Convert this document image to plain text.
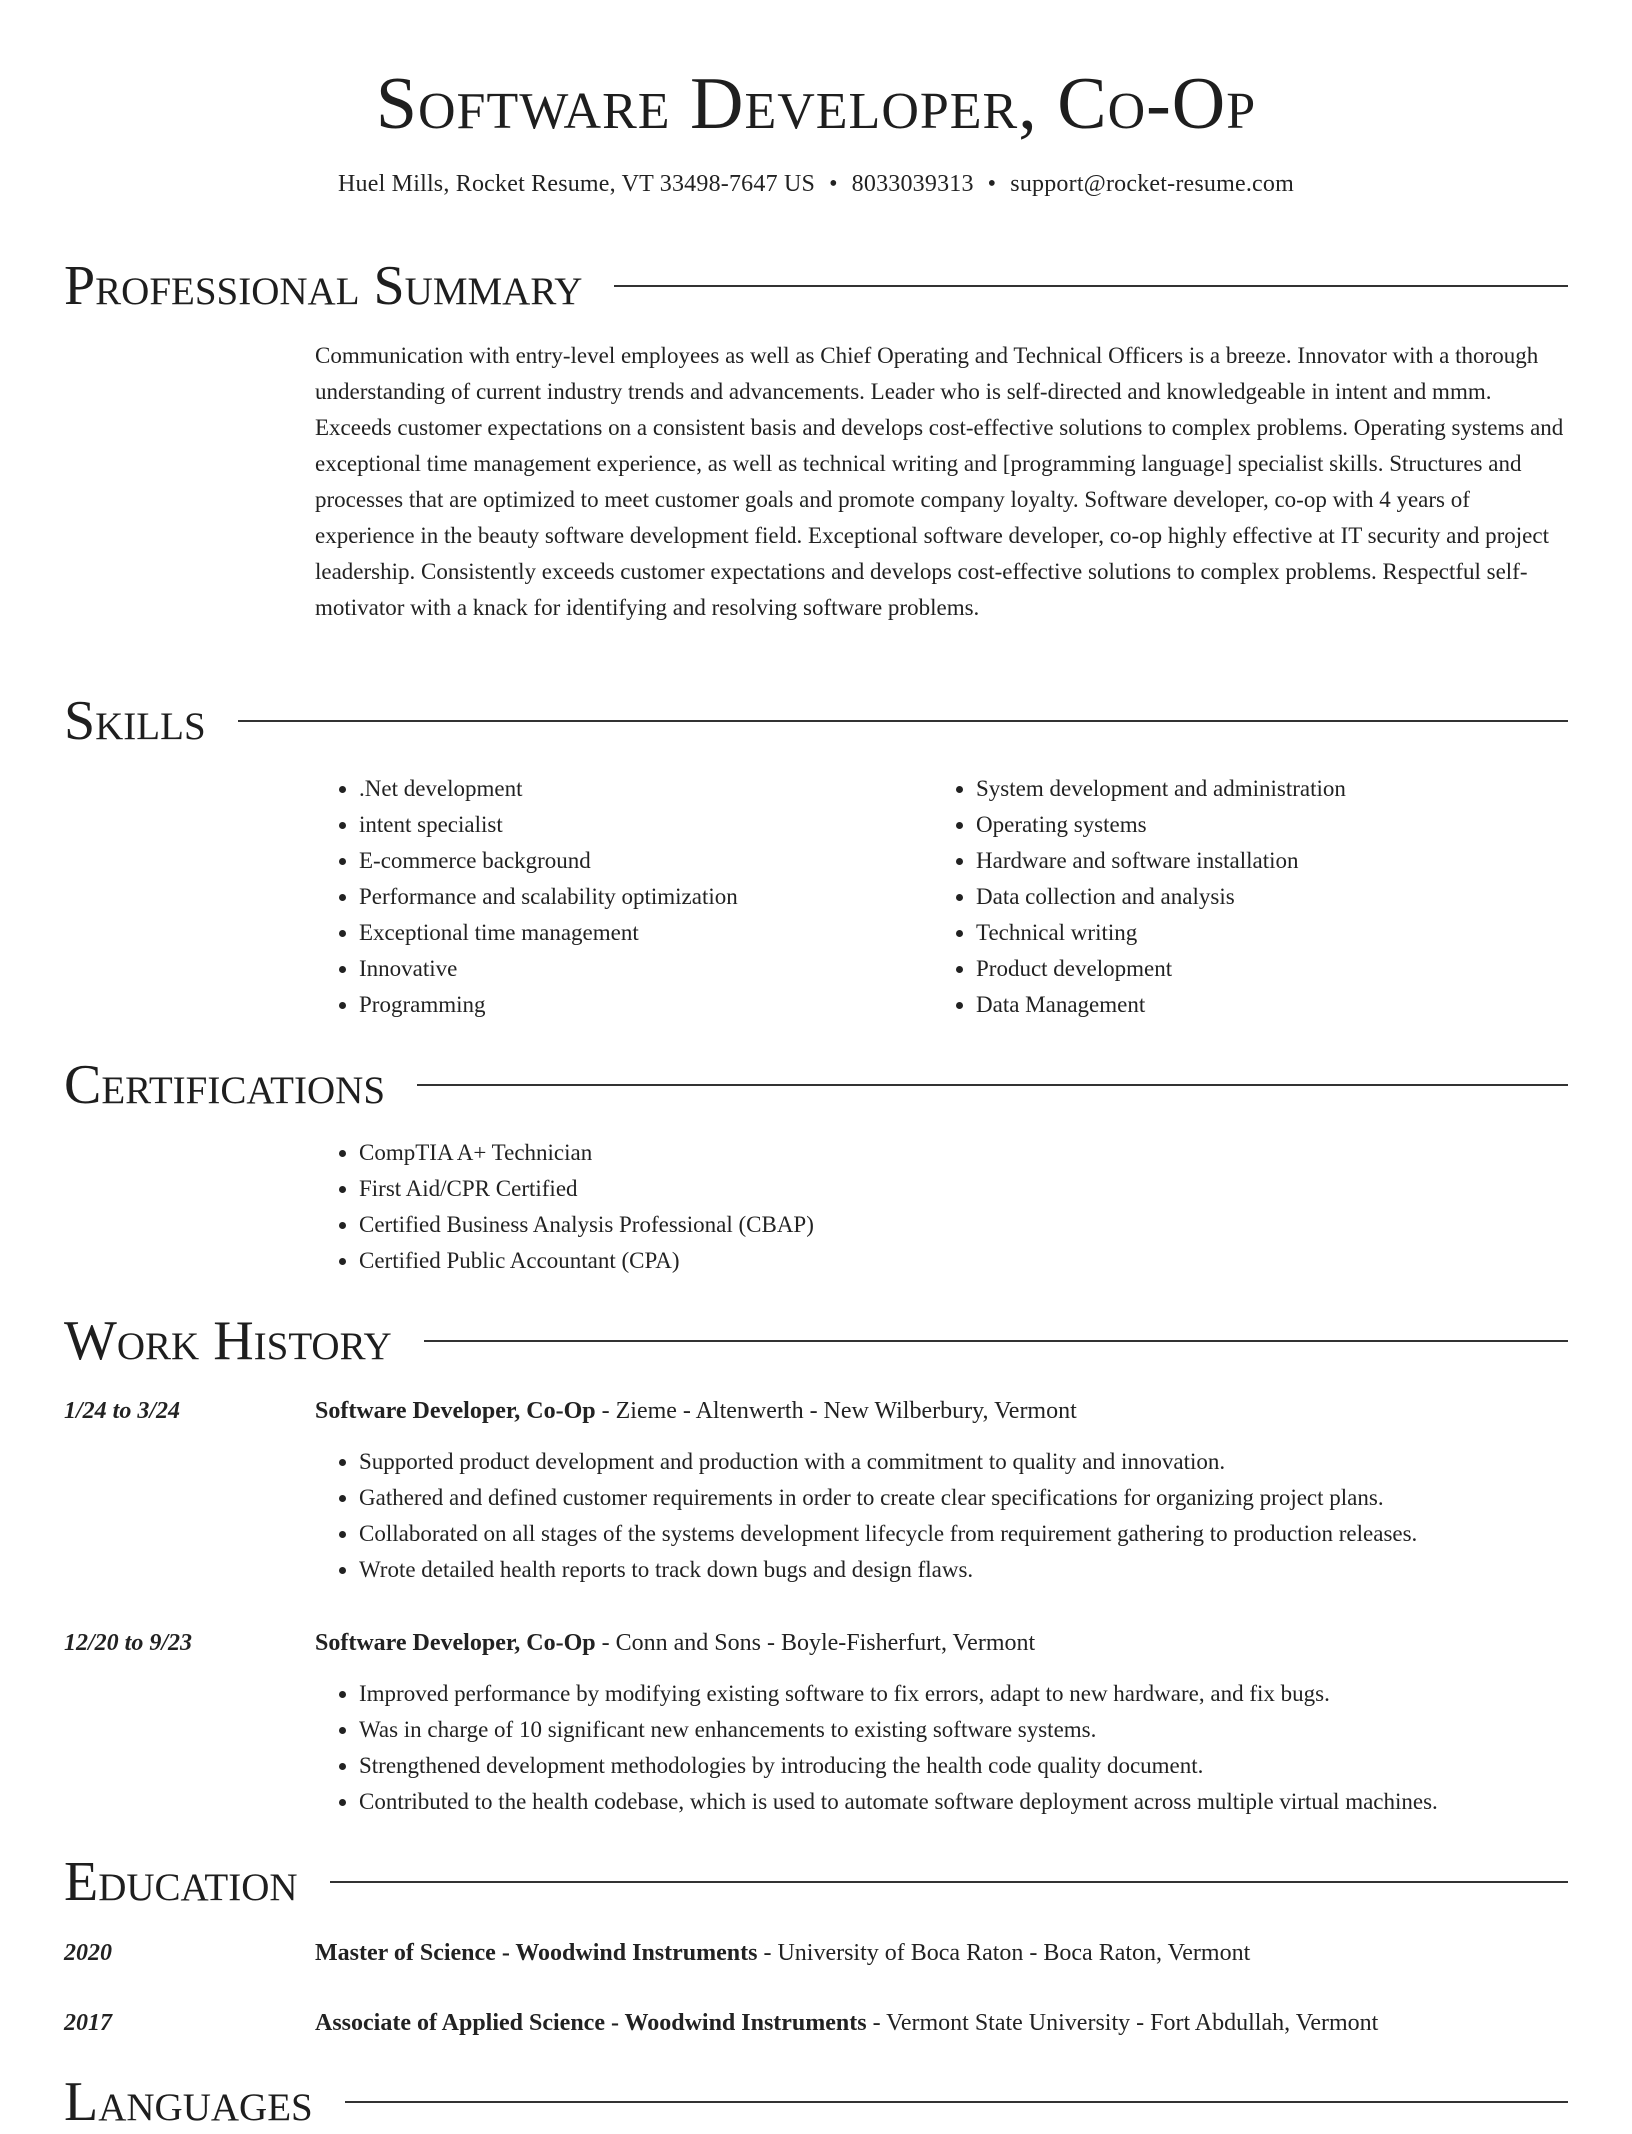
Software Developer, Co-Op
Huel Mills, Rocket Resume, VT 33498-7647 US • 8033039313 • support@rocket-resume.com
Professional Summary

Communication with entry-level employees as well as Chief Operating and Technical Officers is a breeze. Innovator with a thorough understanding of current industry trends and advancements. Leader who is self-directed and knowledgeable in intent and mmm. Exceeds customer expectations on a consistent basis and develops cost-effective solutions to complex problems. Operating systems and exceptional time management experience, as well as technical writing and [programming language] specialist skills. Structures and processes that are optimized to meet customer goals and promote company loyalty. Software developer, co-op with 4 years of experience in the beauty software development field. Exceptional software developer, co-op highly effective at IT security and project leadership. Consistently exceeds customer expectations and develops cost-effective solutions to complex problems. Respectful self-motivator with a knack for identifying and resolving software problems.

Skills
• .Net development
• intent specialist
• E-commerce background
• Performance and scalability optimization
• Exceptional time management
• Innovative
• Programming
• System development and administration
• Operating systems
• Hardware and software installation
• Data collection and analysis
• Technical writing
• Product development
• Data Management
Certifications
• CompTIA A+ Technician
• First Aid/CPR Certified
• Certified Business Analysis Professional (CBAP)
• Certified Public Accountant (CPA)
Work History
1/24 to 3/24	Software Developer, Co-Op - Zieme - Altenwerth - New Wilberbury, Vermont
• Supported product development and production with a commitment to quality and innovation.
• Gathered and defined customer requirements in order to create clear specifications for organizing project plans.
• Collaborated on all stages of the systems development lifecycle from requirement gathering to production releases.
• Wrote detailed health reports to track down bugs and design flaws.
12/20 to 9/23	Software Developer, Co-Op - Conn and Sons - Boyle-Fisherfurt, Vermont
• Improved performance by modifying existing software to fix errors, adapt to new hardware, and fix bugs.
• Was in charge of 10 significant new enhancements to existing software systems.
• Strengthened development methodologies by introducing the health code quality document.
• Contributed to the health codebase, which is used to automate software deployment across multiple virtual machines.
Education
2020	Master of Science - Woodwind Instruments - University of Boca Raton - Boca Raton, Vermont
2017	Associate of Applied Science - Woodwind Instruments - Vermont State University - Fort Abdullah, Vermont
Languages
